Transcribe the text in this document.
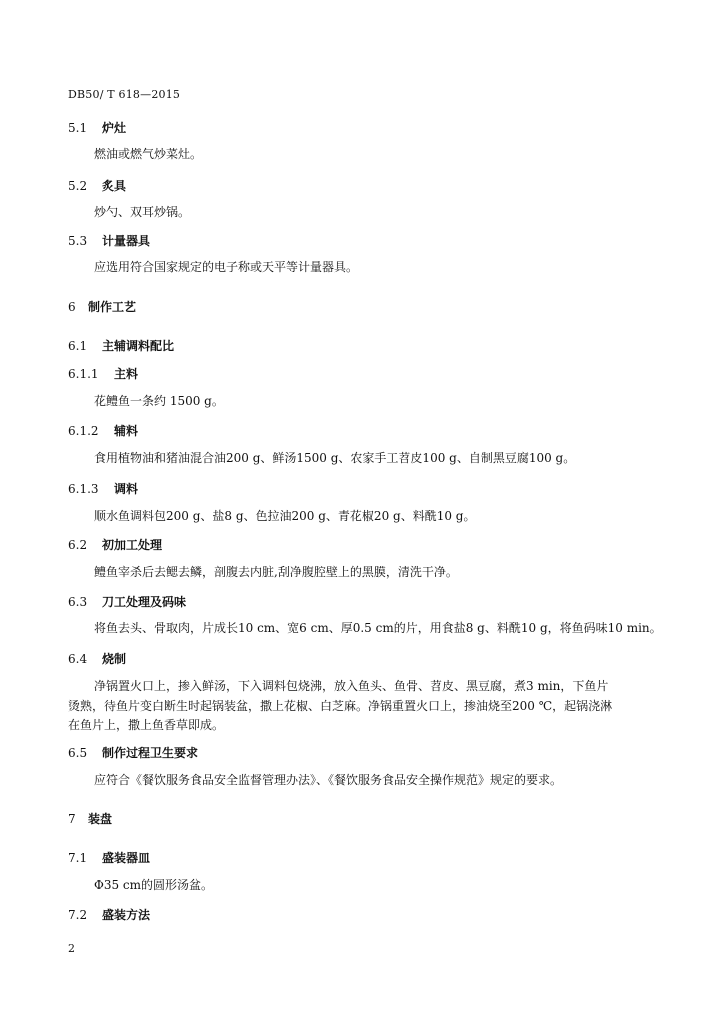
DB50/ T 618—2015
5.1 炉灶
燃油或燃气炒菜灶。
5.2 炙具
炒勺、双耳炒锅。
5.3 计量器具
应选用符合国家规定的电子称或天平等计量器具。
6 制作工艺
6.1 主辅调料配比
6.1.1 主料
花鳢鱼一条约 1500 g。
6.1.2 辅料
食用植物油和猪油混合油200 g、鲜汤1500 g、农家手工苕皮100 g、自制黑豆腐100 g。
6.1.3 调料
顺水鱼调料包200 g、盐8 g、色拉油200 g、青花椒20 g、料酰10 g。
6.2 初加工处理
鳢鱼宰杀后去鳃去鳞，剖腹去内脏,刮净腹腔壁上的黑膜，清洗干净。
6.3 刀工处理及码味
将鱼去头、骨取肉，片成长10 cm、宽6 cm、厚0.5 cm的片，用食盐8 g、料酰10 g，将鱼码味10 min。
6.4 烧制
净锅置火口上，掺入鲜汤，下入调料包烧沸，放入鱼头、鱼骨、苕皮、黑豆腐，煮3 min，下鱼片
烫熟，待鱼片变白断生时起锅装盆，撒上花椒、白芝麻。净锅重置火口上，掺油烧至200 ℃，起锅浇淋
在鱼片上，撒上鱼香草即成。
6.5 制作过程卫生要求
应符合《餐饮服务食品安全监督管理办法》、《餐饮服务食品安全操作规范》规定的要求。
7 装盘
7.1 盛装器皿
Φ35 cm的圆形汤盆。
7.2 盛装方法
2
